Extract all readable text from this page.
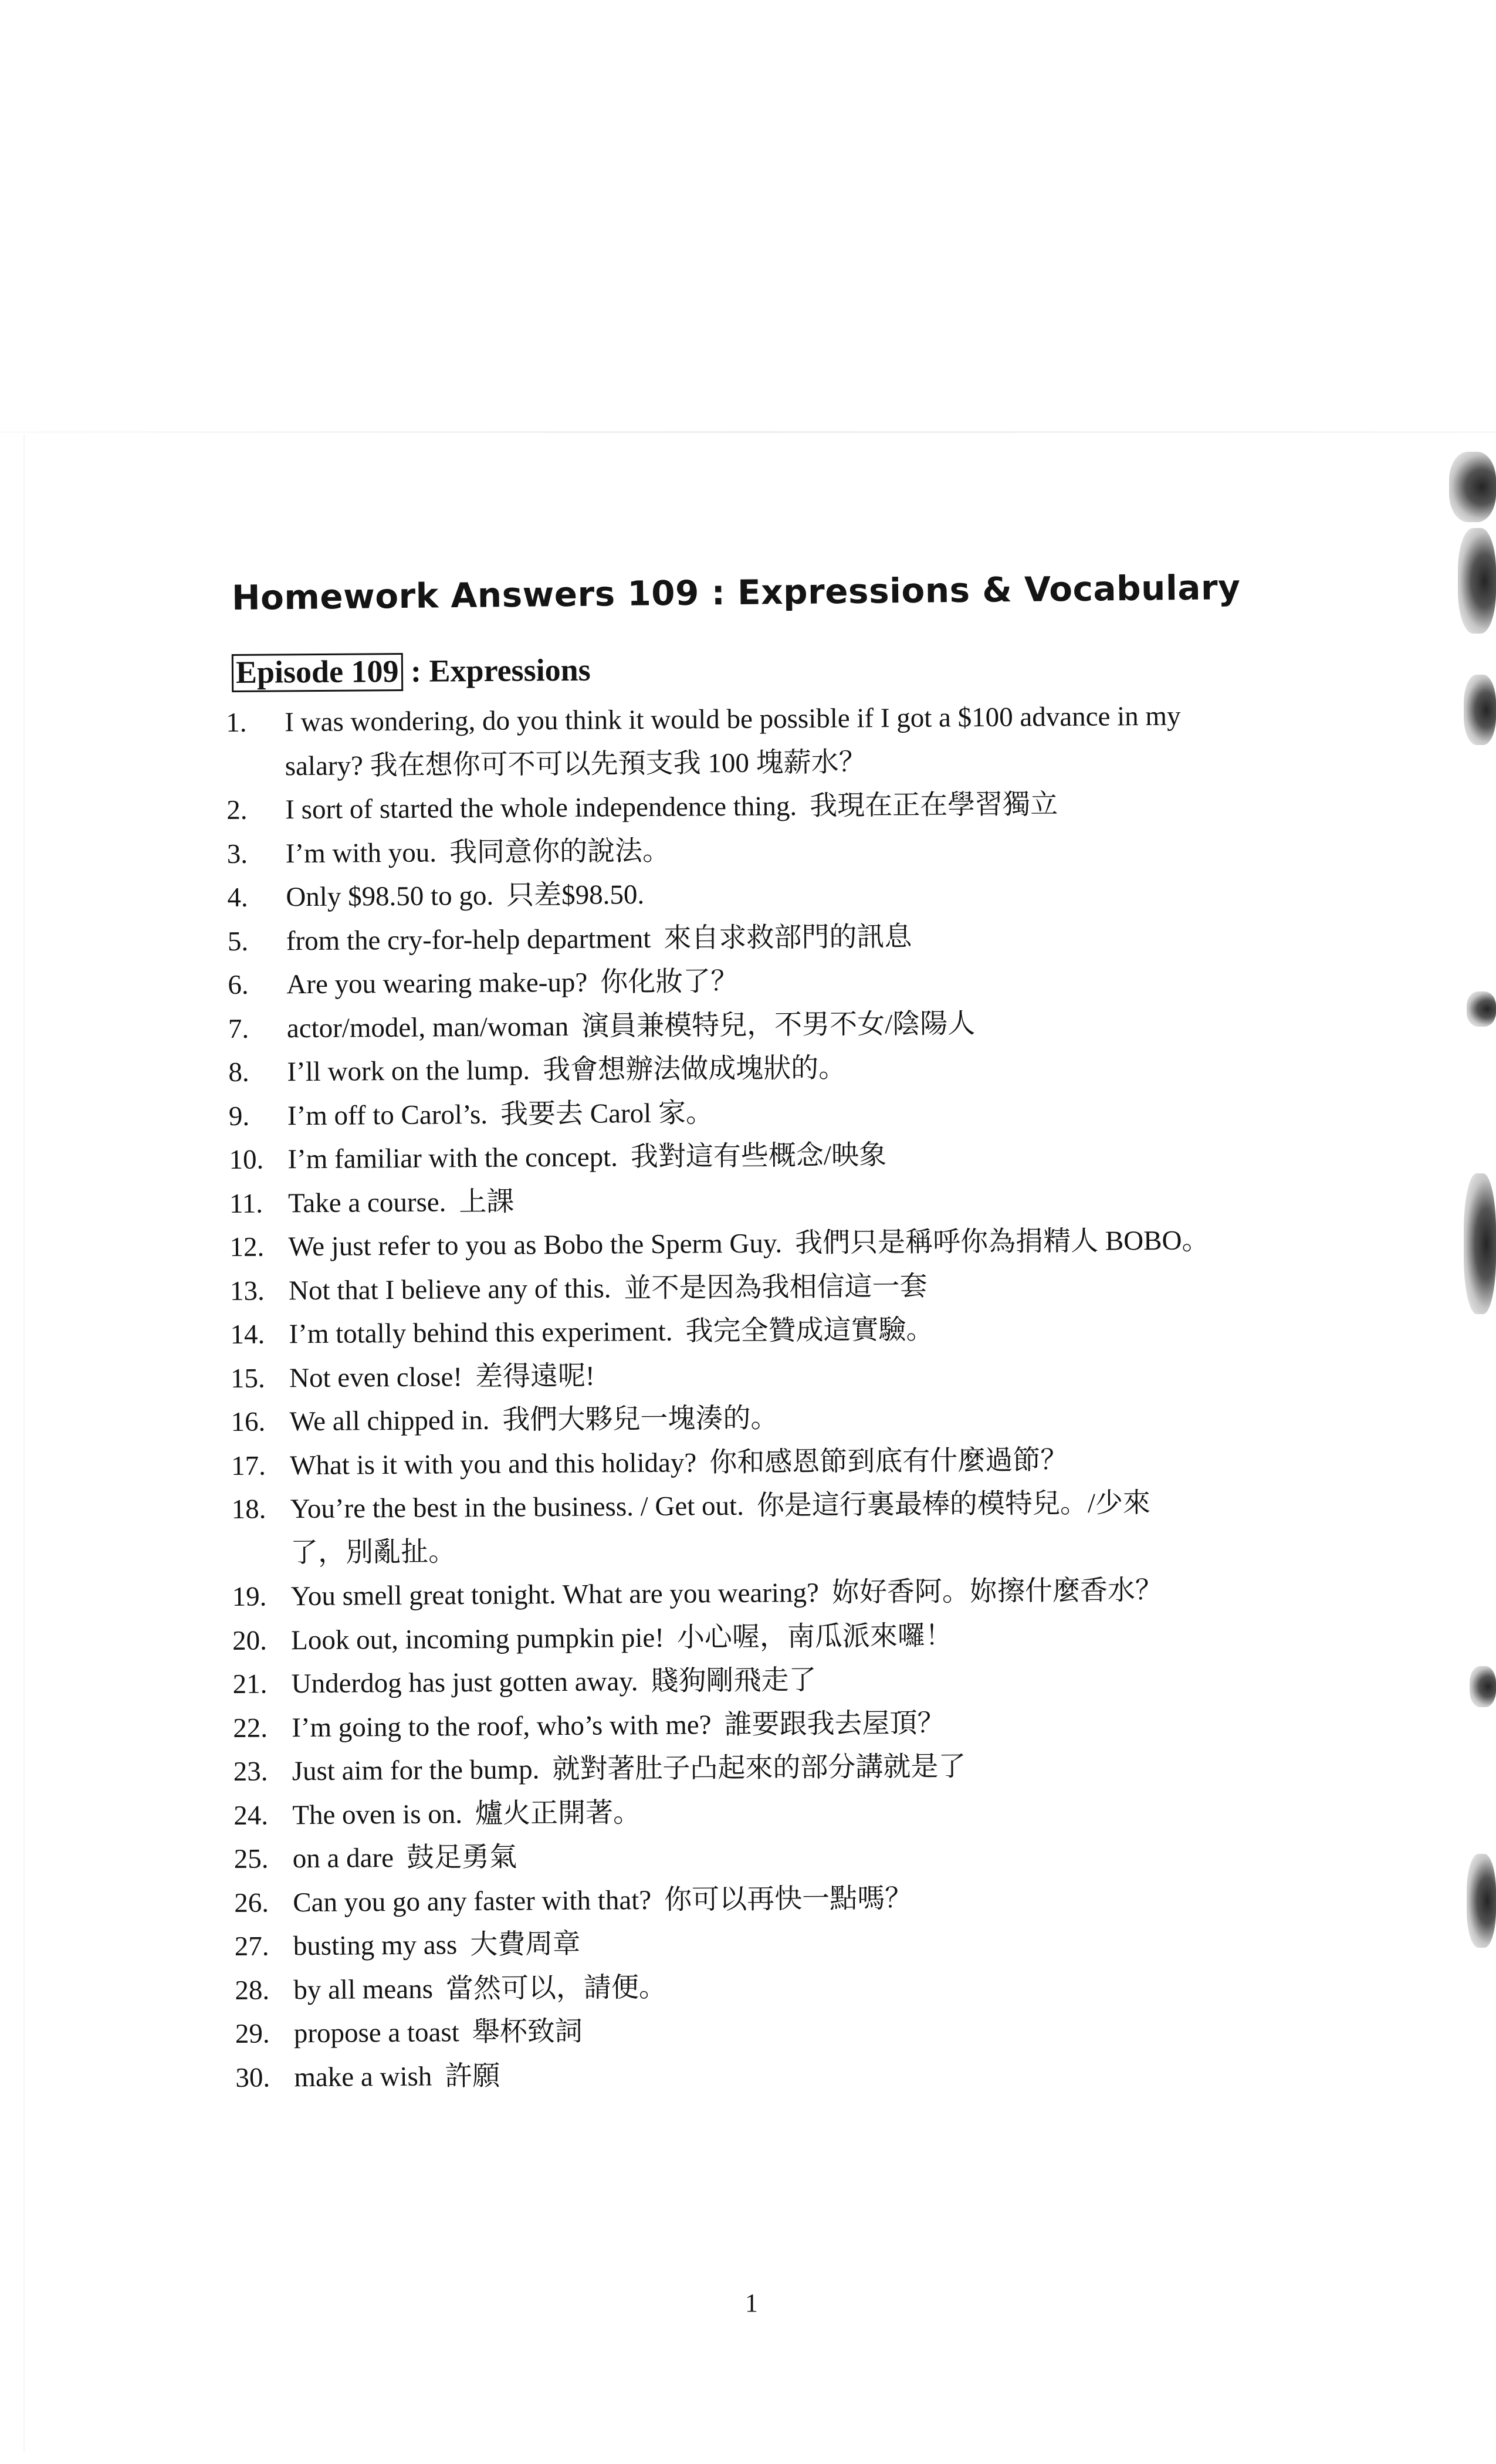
Homework Answers 109 : Expressions & Vocabulary
Episode 109 : Expressions
1. I was wondering, do you think it would be possible if I got a $100 advance in my
salary? 我在想你可不可以先預支我 100 塊薪水？
2. I sort of started the whole independence thing. 我現在正在學習獨立
3. I’m with you. 我同意你的說法。
4. Only $98.50 to go. 只差$98.50.
5. from the cry-for-help department 來自求救部門的訊息
6. Are you wearing make-up? 你化妝了？
7. actor/model, man/woman 演員兼模特兒，不男不女/陰陽人
8. I’ll work on the lump. 我會想辦法做成塊狀的。
9. I’m off to Carol’s. 我要去 Carol 家。
10. I’m familiar with the concept. 我對這有些概念/映象
11. Take a course. 上課
12. We just refer to you as Bobo the Sperm Guy. 我們只是稱呼你為捐精人 BOBO。
13. Not that I believe any of this. 並不是因為我相信這一套
14. I’m totally behind this experiment. 我完全贊成這實驗。
15. Not even close! 差得遠呢!
16. We all chipped in. 我們大夥兒一塊湊的。
17. What is it with you and this holiday? 你和感恩節到底有什麼過節？
18. You’re the best in the business. / Get out. 你是這行裏最棒的模特兒。/少來
了，別亂扯。
19. You smell great tonight. What are you wearing? 妳好香阿。妳擦什麼香水？
20. Look out, incoming pumpkin pie! 小心喔，南瓜派來囉！
21. Underdog has just gotten away. 賤狗剛飛走了
22. I’m going to the roof, who’s with me? 誰要跟我去屋頂？
23. Just aim for the bump. 就對著肚子凸起來的部分講就是了
24. The oven is on. 爐火正開著。
25. on a dare 鼓足勇氣
26. Can you go any faster with that? 你可以再快一點嗎？
27. busting my ass 大費周章
28. by all means 當然可以，請便。
29. propose a toast 舉杯致詞
30. make a wish 許願
1
